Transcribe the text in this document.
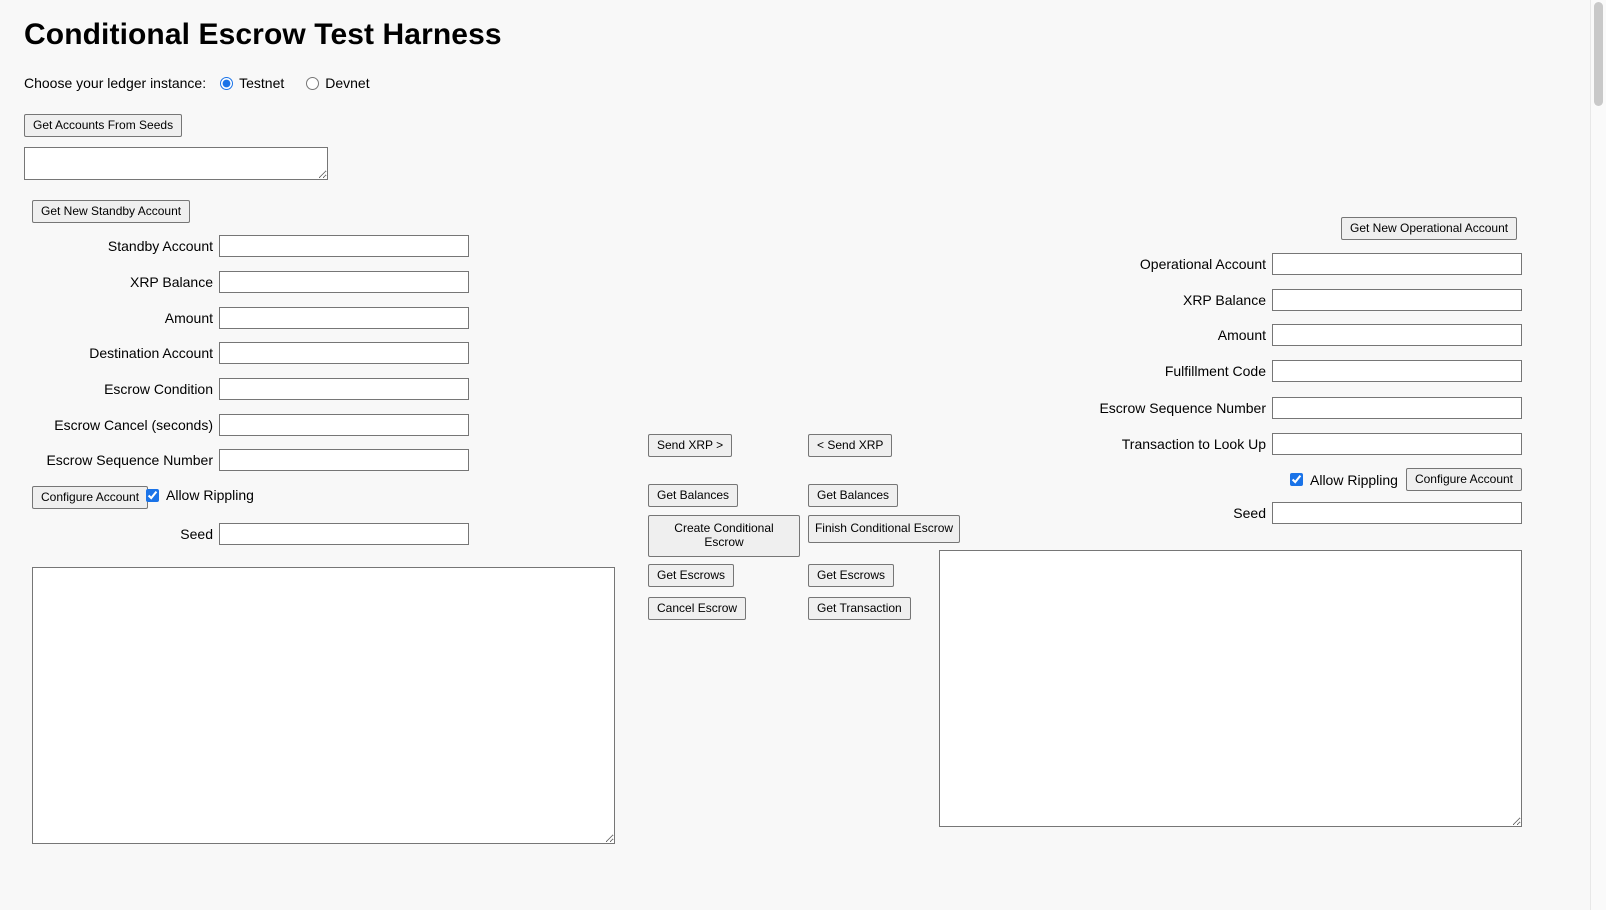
Conditional Escrow Test Harness
Choose your ledger instance: Testnet	Devnet
Get Accounts From Seeds
Get New Standby Account
Standby Account
XRP Balance
Amount
Destination Account
Escrow Condition
Escrow Cancel (seconds)
Escrow Sequence Number
Configure Account	Allow Rippling
Seed
Get New Operational Account
Operational Account
XRP Balance
Amount
Fulfillment Code
Escrow Sequence Number
Transaction to Look Up
Allow Rippling	Configure Account
Seed
Send XRP >
Get Balances
Create Conditional Escrow
Get Escrows
Cancel Escrow
< Send XRP
Get Balances
Finish Conditional Escrow
Get Escrows
Get Transaction
